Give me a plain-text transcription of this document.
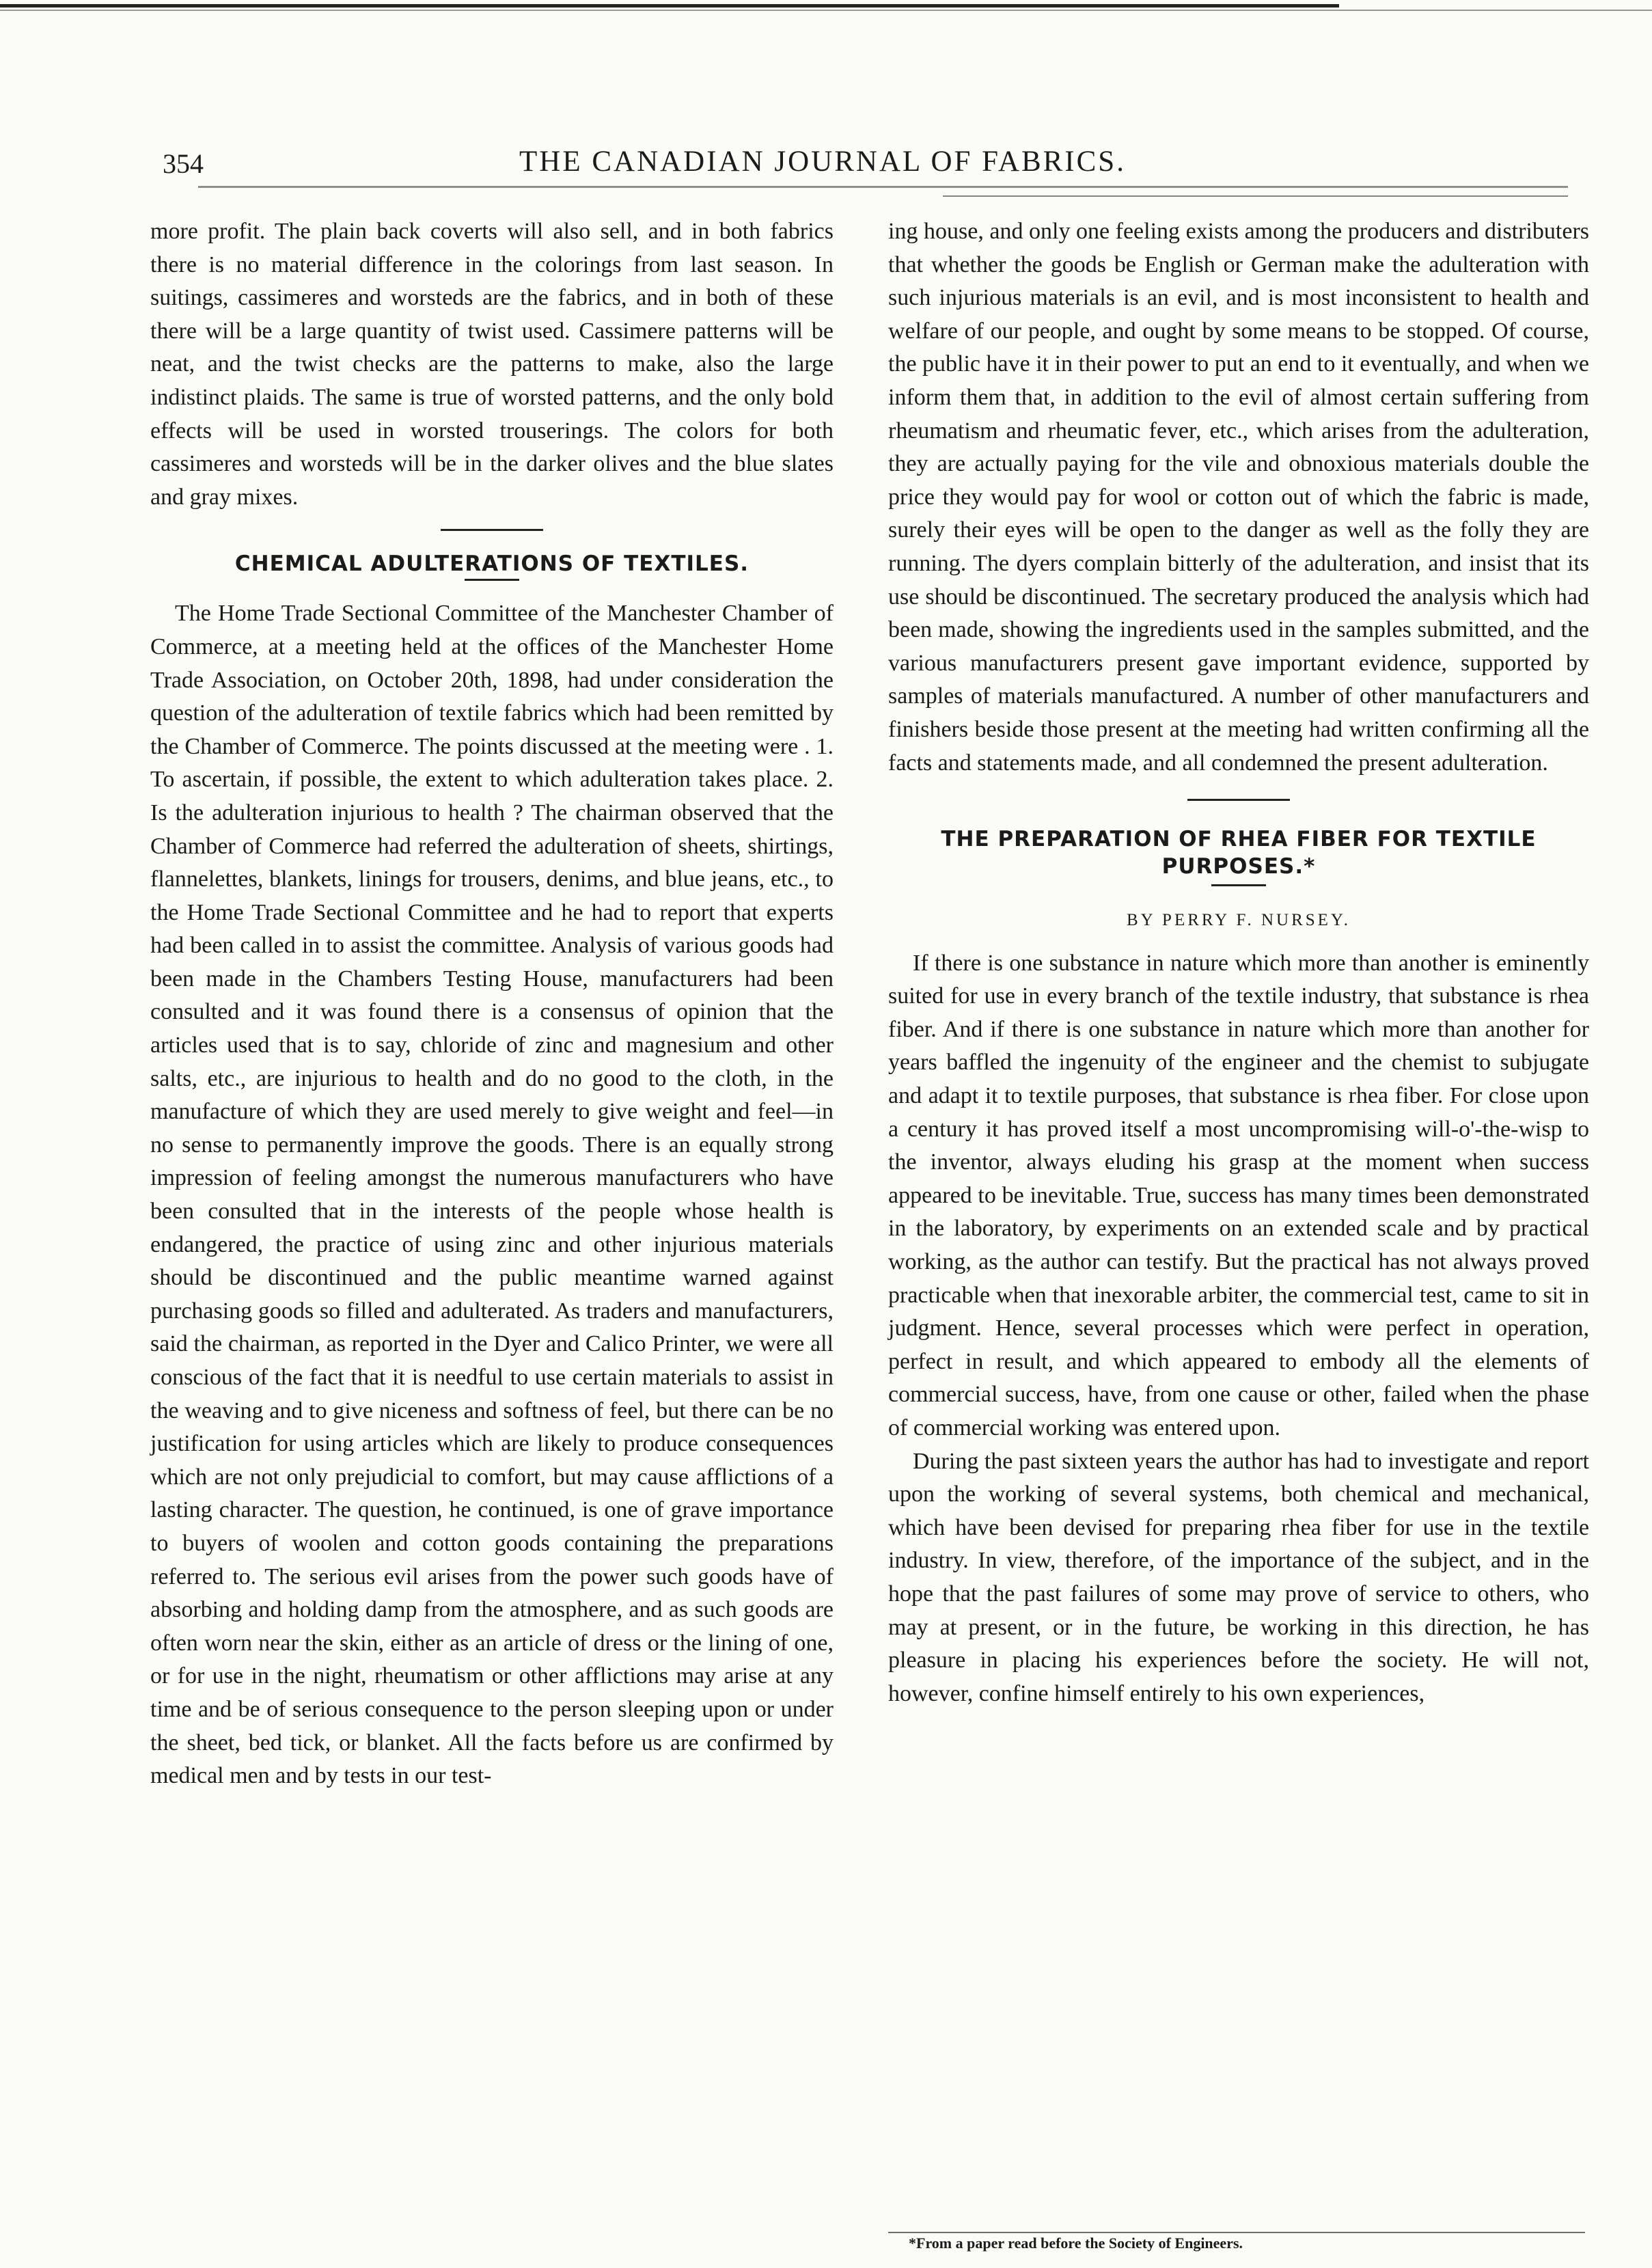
354	THE CANADIAN JOURNAL OF FABRICS.

more profit. The plain back coverts will also sell, and in both fabrics there is no material difference in the colorings from last season. In suitings, cassimeres and worsteds are the fabrics, and in both of these there will be a large quantity of twist used. Cassimere patterns will be neat, and the twist checks are the patterns to make, also the large indistinct plaids. The same is true of worsted patterns, and the only bold effects will be used in worsted trouserings. The colors for both cassimeres and worsteds will be in the darker olives and the blue slates and gray mixes.

CHEMICAL ADULTERATIONS OF TEXTILES.

The Home Trade Sectional Committee of the Manchester Chamber of Commerce, at a meeting held at the offices of the Manchester Home Trade Association, on October 20th, 1898, had under consideration the question of the adulteration of textile fabrics which had been remitted by the Chamber of Commerce. The points discussed at the meeting were . 1. To ascertain, if possible, the extent to which adulteration takes place. 2. Is the adulteration injurious to health ? The chairman observed that the Chamber of Commerce had referred the adulteration of sheets, shirtings, flannelettes, blankets, linings for trousers, denims, and blue jeans, etc., to the Home Trade Sectional Committee and he had to report that experts had been called in to assist the committee. Analysis of various goods had been made in the Chambers Testing House, manufacturers had been consulted and it was found there is a consensus of opinion that the articles used that is to say, chloride of zinc and magnesium and other salts, etc., are injurious to health and do no good to the cloth, in the manufacture of which they are used merely to give weight and feel—in no sense to permanently improve the goods. There is an equally strong impression of feeling amongst the numerous manufacturers who have been consulted that in the interests of the people whose health is endangered, the practice of using zinc and other injurious materials should be discontinued and the public meantime warned against purchasing goods so filled and adulterated. As traders and manufacturers, said the chairman, as reported in the Dyer and Calico Printer, we were all conscious of the fact that it is needful to use certain materials to assist in the weaving and to give niceness and softness of feel, but there can be no justification for using articles which are likely to produce consequences which are not only prejudicial to comfort, but may cause afflictions of a lasting character. The question, he continued, is one of grave importance to buyers of woolen and cotton goods containing the preparations referred to. The serious evil arises from the power such goods have of absorbing and holding damp from the atmosphere, and as such goods are often worn near the skin, either as an article of dress or the lining of one, or for use in the night, rheumatism or other afflictions may arise at any time and be of serious consequence to the person sleeping upon or under the sheet, bed tick, or blanket. All the facts before us are confirmed by medical men and by tests in our test-

ing house, and only one feeling exists among the producers and distributers that whether the goods be English or German make the adulteration with such injurious materials is an evil, and is most inconsistent to health and welfare of our people, and ought by some means to be stopped. Of course, the public have it in their power to put an end to it eventually, and when we inform them that, in addition to the evil of almost certain suffering from rheumatism and rheumatic fever, etc., which arises from the adulteration, they are actually paying for the vile and obnoxious materials double the price they would pay for wool or cotton out of which the fabric is made, surely their eyes will be open to the danger as well as the folly they are running. The dyers complain bitterly of the adulteration, and insist that its use should be discontinued. The secretary produced the analysis which had been made, showing the ingredients used in the samples submitted, and the various manufacturers present gave important evidence, supported by samples of materials manufactured. A number of other manufacturers and finishers beside those present at the meeting had written confirming all the facts and statements made, and all condemned the present adulteration.

THE PREPARATION OF RHEA FIBER FOR TEXTILE PURPOSES.*
BY PERRY F. NURSEY.

If there is one substance in nature which more than another is eminently suited for use in every branch of the textile industry, that substance is rhea fiber. And if there is one substance in nature which more than another for years baffled the ingenuity of the engineer and the chemist to subjugate and adapt it to textile purposes, that substance is rhea fiber. For close upon a century it has proved itself a most uncompromising will-o'-the-wisp to the inventor, always eluding his grasp at the moment when success appeared to be inevitable. True, success has many times been demonstrated in the laboratory, by experiments on an extended scale and by practical working, as the author can testify. But the practical has not always proved practicable when that inexorable arbiter, the commercial test, came to sit in judgment. Hence, several processes which were perfect in operation, perfect in result, and which appeared to embody all the elements of commercial success, have, from one cause or other, failed when the phase of commercial working was entered upon.

During the past sixteen years the author has had to investigate and report upon the working of several systems, both chemical and mechanical, which have been devised for preparing rhea fiber for use in the textile industry. In view, therefore, of the importance of the subject, and in the hope that the past failures of some may prove of service to others, who may at present, or in the future, be working in this direction, he has pleasure in placing his experiences before the society. He will not, however, confine himself entirely to his own experiences,

*From a paper read before the Society of Engineers.
